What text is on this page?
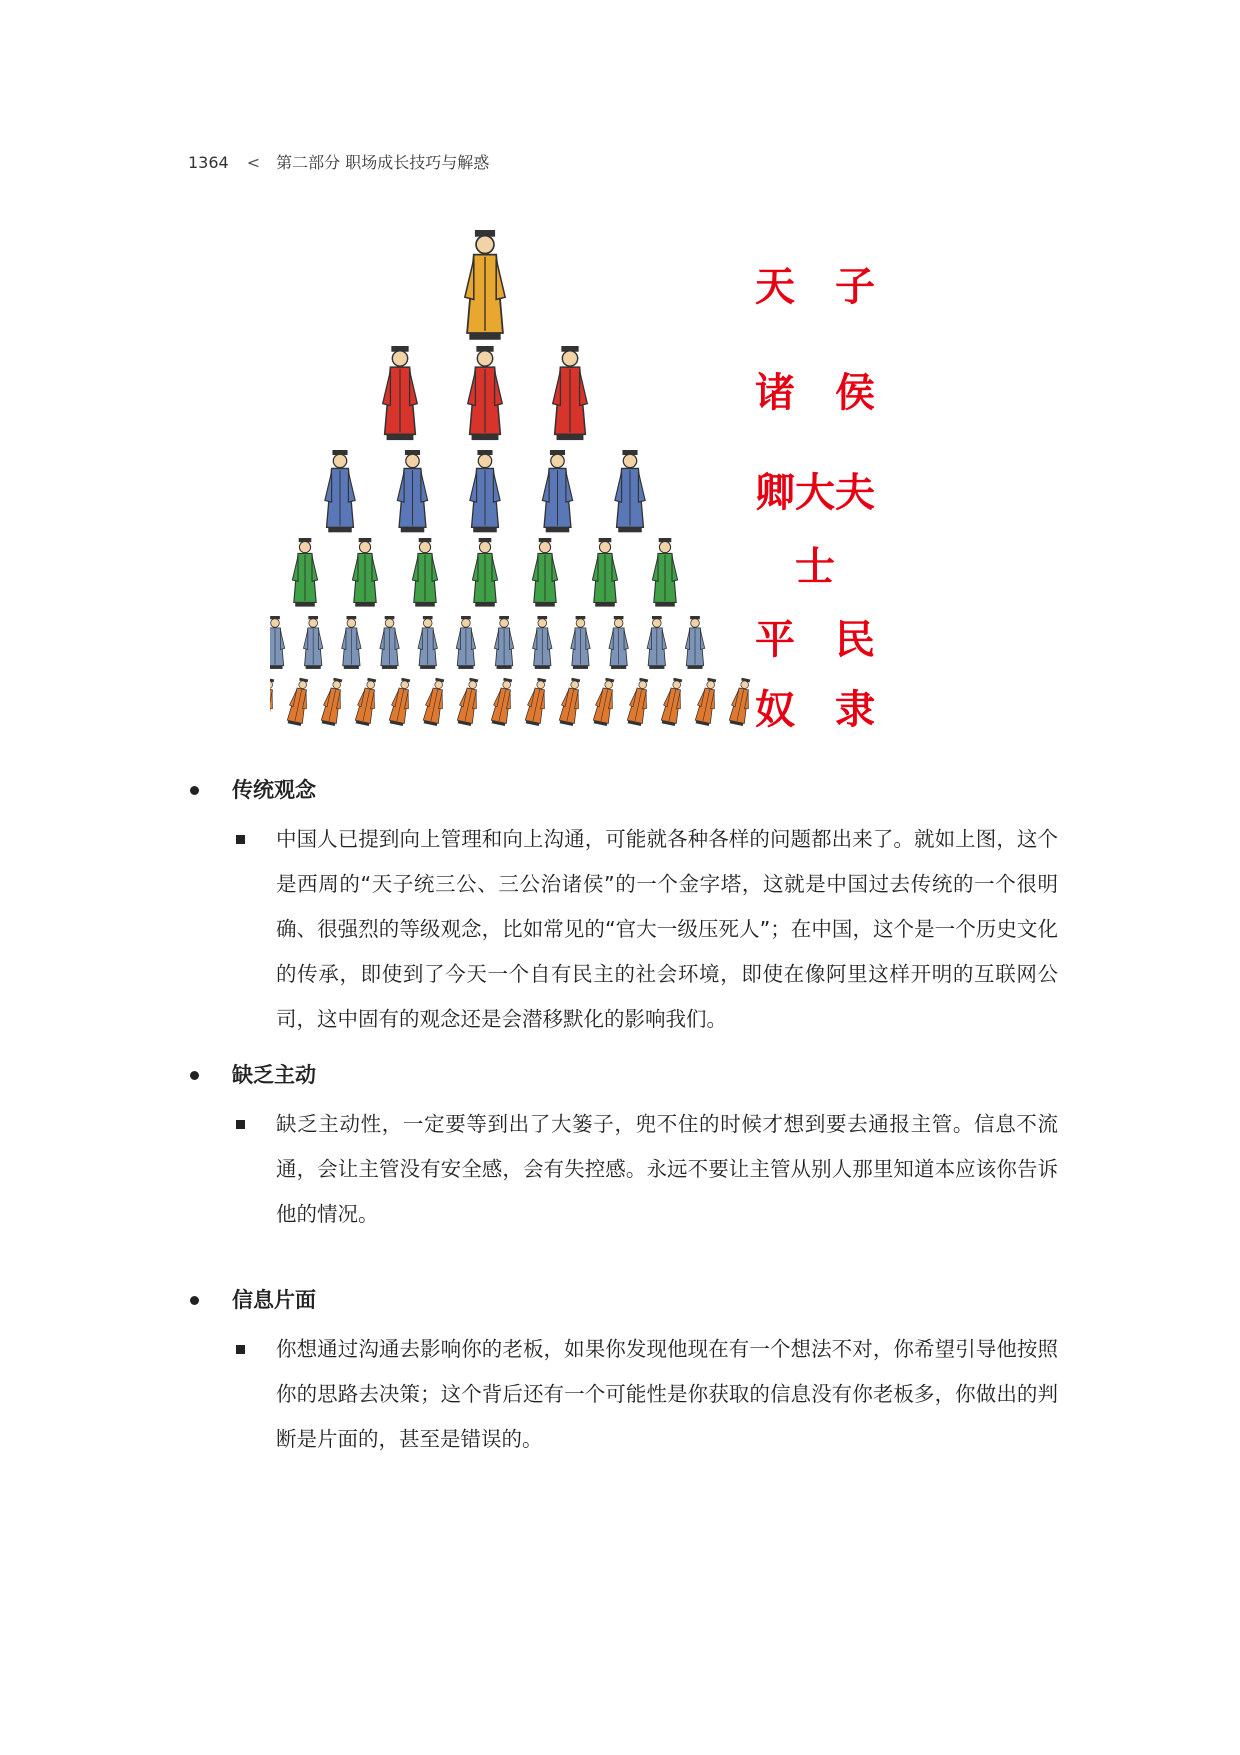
1364 < 第二部分 职场成长技巧与解惑
天　子
诸　侯
卿大夫
士
平　民
奴　隶
传统观念
中国人已提到向上管理和向上沟通，可能就各种各样的问题都出来了。就如上图，这个是西周的“天子统三公、三公治诸侯”的一个金字塔，这就是中国过去传统的一个很明确、很强烈的等级观念，比如常见的“官大一级压死人”；在中国，这个是一个历史文化的传承，即使到了今天一个自有民主的社会环境，即使在像阿里这样开明的互联网公司，这中固有的观念还是会潜移默化的影响我们。
缺乏主动
缺乏主动性，一定要等到出了大篓子，兜不住的时候才想到要去通报主管。信息不流通，会让主管没有安全感，会有失控感。永远不要让主管从别人那里知道本应该你告诉他的情况。
信息片面
你想通过沟通去影响你的老板，如果你发现他现在有一个想法不对，你希望引导他按照你的思路去决策；这个背后还有一个可能性是你获取的信息没有你老板多，你做出的判断是片面的，甚至是错误的。
